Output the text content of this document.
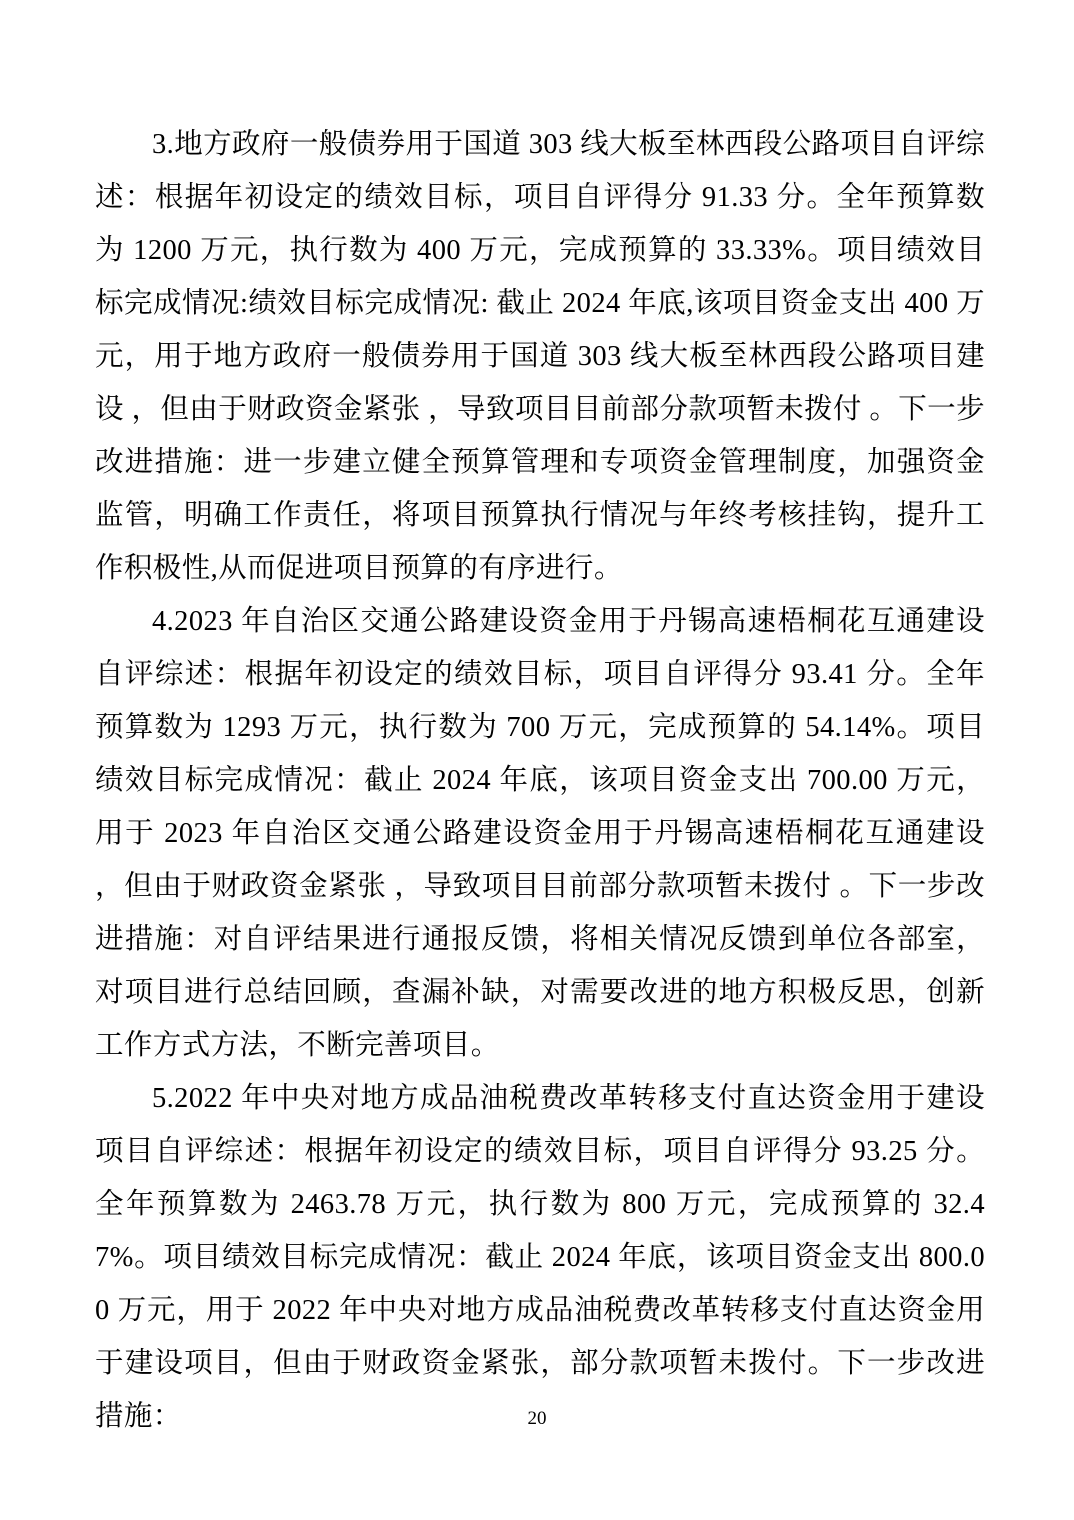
3.地方政府一般债券用于国道 303 线大板至林西段公路项目自评综述：根据年初设定的绩效目标，项目自评得分 91.33 分。全年预算数为 1200 万元，执行数为 400 万元，完成预算的 33.33%。项目绩效目标完成情况:绩效目标完成情况: 截止 2024 年底,该项目资金支出 400 万元，用于地方政府一般债券用于国道 303 线大板至林西段公路项目建设 ，但由于财政资金紧张 ，导致项目目前部分款项暂未拨付 。下一步改进措施：进一步建立健全预算管理和专项资金管理制度，加强资金监管，明确工作责任，将项目预算执行情况与年终考核挂钩，提升工作积极性,从而促进项目预算的有序进行。

4.2023 年自治区交通公路建设资金用于丹锡高速梧桐花互通建设自评综述：根据年初设定的绩效目标，项目自评得分 93.41 分。全年预算数为 1293 万元，执行数为 700 万元，完成预算的 54.14%。项目绩效目标完成情况：截止 2024 年底，该项目资金支出 700.00 万元，用于 2023 年自治区交通公路建设资金用于丹锡高速梧桐花互通建设 ，但由于财政资金紧张 ，导致项目目前部分款项暂未拨付 。下一步改进措施：对自评结果进行通报反馈，将相关情况反馈到单位各部室，对项目进行总结回顾，查漏补缺，对需要改进的地方积极反思，创新工作方式方法，不断完善项目。

5.2022 年中央对地方成品油税费改革转移支付直达资金用于建设项目自评综述：根据年初设定的绩效目标，项目自评得分 93.25 分。全年预算数为 2463.78 万元，执行数为 800 万元，完成预算的 32.47%。项目绩效目标完成情况：截止 2024 年底，该项目资金支出 800.00 万元，用于 2022 年中央对地方成品油税费改革转移支付直达资金用于建设项目，但由于财政资金紧张，部分款项暂未拨付。下一步改进措施：	20
